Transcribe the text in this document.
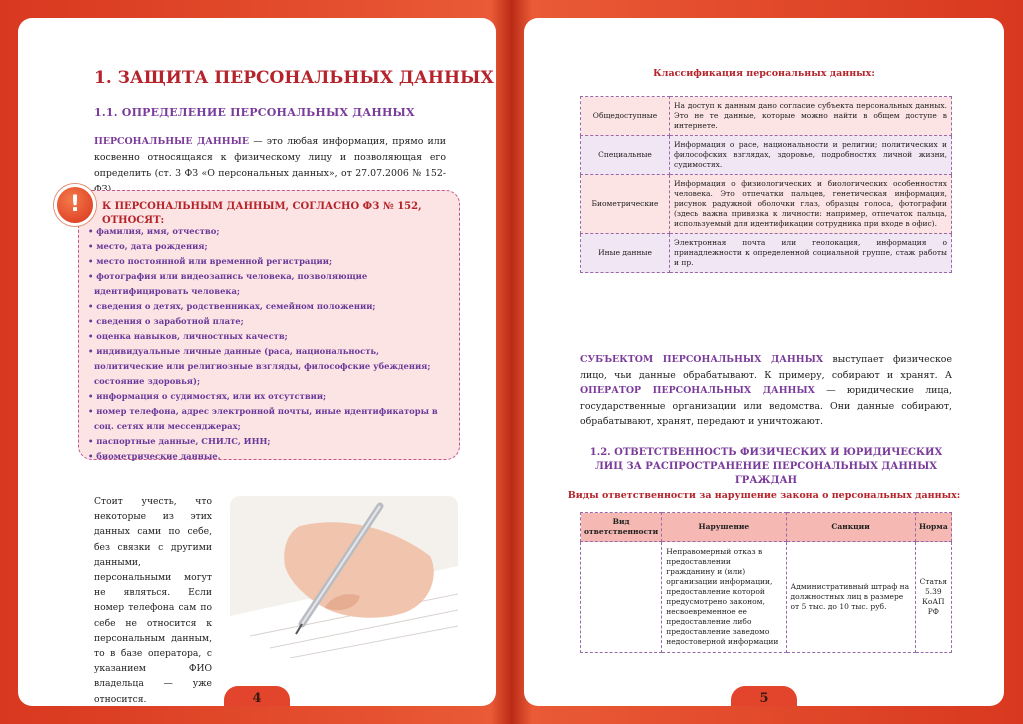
1. ЗАЩИТА ПЕРСОНАЛЬНЫХ ДАННЫХ
1.1. ОПРЕДЕЛЕНИЕ ПЕРСОНАЛЬНЫХ ДАННЫХ
ПЕРСОНАЛЬНЫЕ ДАННЫЕ — это любая информация, прямо или косвенно относящаяся к физическому лицу и позволяющая его определить (ст. 3 ФЗ «О персональных данных», от 27.07.2006 № 152-
!	К ПЕРСОНАЛЬНЫМ ДАННЫМ, СОГЛАСНО ФЗ № 152, ОТНОСЯТ:
• фамилия, имя, отчество;
• место, дата рождения;
• место постоянной или временной регистрации;
• фотография или видеозапись человека, позволяющие идентифицировать человека;
• сведения о детях, родственниках, семейном положении;
• сведения о заработной плате;
• оценка навыков, личностных качеств;
• индивидуальные личные данные (раса, национальность, политические или религиозные взгляды, философские убеждения; состояние здоровья);
• информация о судимостях, или их отсутствии;
• номер телефона, адрес электронной почты, иные идентификаторы в соц. сетях или мессенджерах;
• паспортные данные, СНИЛС, ИНН;
• биометрические данные.
Стоит учесть, что некоторые из этих данных сами по себе, без связки с другими данными, персональными могут не являться. Если номер телефона сам по себе не относится к персональным данным, то в базе оператора, с указанием ФИО владельца — уже относится.	4
Классификация персональных данных:
Общедоступные	На доступ к данным дано согласие субъекта персональных данных. Это не те данные, которые можно найти в общем доступе в интернете.
Специальные	Информация о расе, национальности и религии; политических и философских взглядах, здоровье, подробностях личной жизни, судимостях.
Биометрические	Информация о физиологических и биологических особенностях человека. Это отпечатки пальцев, генетическая информация, рисунок радужной оболочки глаз, образцы голоса, фотографии (здесь важна привязка к личности: например, отпечаток пальца, используемый для идентификации сотрудника при входе в офис).
Иные данные	Электронная почта или геолокация, информация о принадлежности к определенной социальной группе, стаж работы и пр.
СУБЪЕКТОМ ПЕРСОНАЛЬНЫХ ДАННЫХ выступает физическое лицо, чьи данные обрабатывают. К примеру, собирают и хранят. А ОПЕРАТОР ПЕРСОНАЛЬНЫХ ДАННЫХ — юридические лица, государственные организации или ведомства. Они данные собирают, обрабатывают, хранят, передают и уничтожают.
1.2. ОТВЕТСТВЕННОСТЬ ФИЗИЧЕСКИХ И ЮРИДИЧЕСКИХ ЛИЦ ЗА РАСПРОСТРАНЕНИЕ ПЕРСОНАЛЬНЫХ ДАННЫХ ГРАЖДАН
Виды ответственности за нарушение закона о персональных данных:
Вид ответственности	Нарушение	Санкции	Норма
	Неправомерный отказ в предоставлении гражданину и (или) организации информации, предоставление которой предусмотрено законом, несвоевременное ее предоставление либо предоставление заведомо недостоверной информации	Административный штраф на должностных лиц в размере от 5 тыс. до 10 тыс. руб.	Статья 5.39 КоАП РФ
5
